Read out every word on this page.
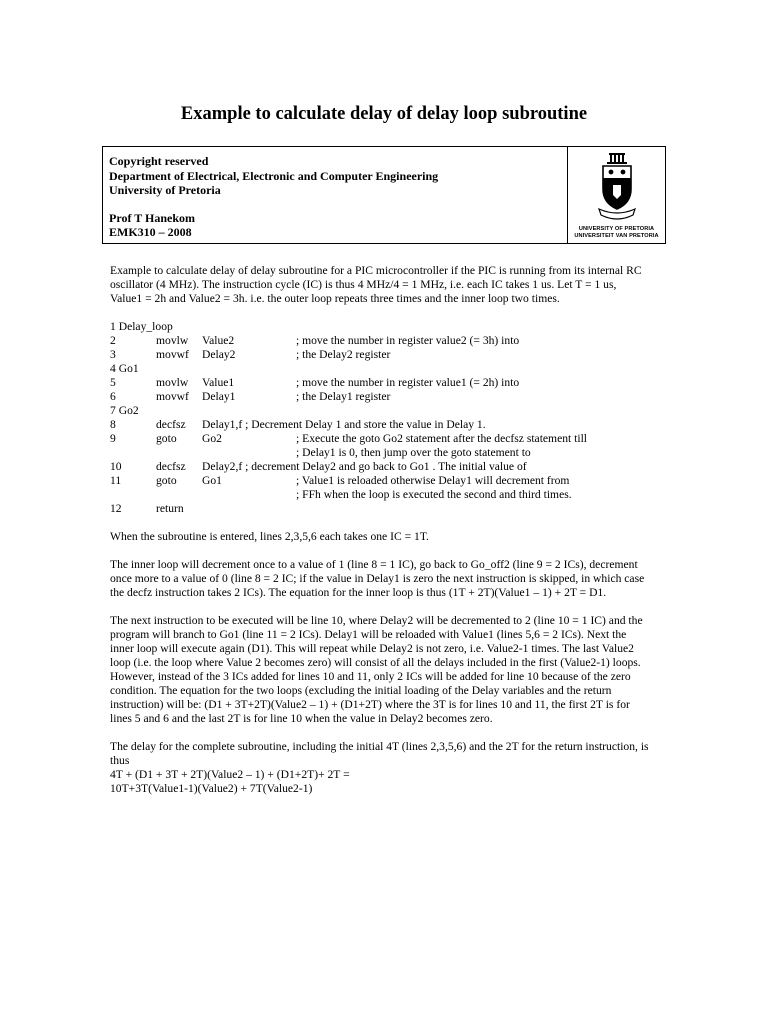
Example to calculate delay of delay loop subroutine
Copyright reserved
Department of Electrical, Electronic and Computer Engineering
University of Pretoria
Prof T Hanekom
EMK310 – 2008	UNIVERSITY OF PRETORIA
UNIVERSITEIT VAN PRETORIA

Example to calculate delay of delay subroutine for a PIC microcontroller if the PIC is running from its internal RC oscillator (4 MHz). The instruction cycle (IC) is thus 4 MHz/4 = 1 MHz, i.e. each IC takes 1 us. Let T = 1 us, Value1 = 2h and Value2 = 3h. i.e. the outer loop repeats three times and the inner loop two times.

1 Delay_loop
2	movlw Value2	; move the number in register value2 (= 3h) into
3	movwf Delay2	; the Delay2 register
4 Go1
5	movlw Value1	; move the number in register value1 (= 2h) into
6	movwf Delay1	; the Delay1 register
7 Go2
8	decfsz Delay1,f ; Decrement Delay 1 and store the value in Delay 1.
9	goto Go2	; Execute the goto Go2 statement after the decfsz statement till
; Delay1 is 0, then jump over the goto statement to
10	decfsz Delay2,f ; decrement Delay2 and go back to Go1 . The initial value of
11	goto Go1	; Value1 is reloaded otherwise Delay1 will decrement from
; FFh when the loop is executed the second and third times.
12	return

When the subroutine is entered, lines 2,3,5,6 each takes one IC = 1T.

The inner loop will decrement once to a value of 1 (line 8 = 1 IC), go back to Go_off2 (line 9 = 2 ICs), decrement once more to a value of 0 (line 8 = 2 IC; if the value in Delay1 is zero the next instruction is skipped, in which case the decfz instruction takes 2 ICs). The equation for the inner loop is thus (1T + 2T)(Value1 – 1) + 2T = D1.

The next instruction to be executed will be line 10, where Delay2 will be decremented to 2 (line 10 = 1 IC) and the program will branch to Go1 (line 11 = 2 ICs). Delay1 will be reloaded with Value1 (lines 5,6 = 2 ICs). Next the inner loop will execute again (D1). This will repeat while Delay2 is not zero, i.e. Value2-1 times. The last Value2 loop (i.e. the loop where Value 2 becomes zero) will consist of all the delays included in the first (Value2-1) loops. However, instead of the 3 ICs added for lines 10 and 11, only 2 ICs will be added for line 10 because of the zero condition. The equation for the two loops (excluding the initial loading of the Delay variables and the return instruction) will be: (D1 + 3T+2T)(Value2 – 1) + (D1+2T) where the 3T is for lines 10 and 11, the first 2T is for lines 5 and 6 and the last 2T is for line 10 when the value in Delay2 becomes zero.

The delay for the complete subroutine, including the initial 4T (lines 2,3,5,6) and the 2T for the return instruction, is thus

4T + (D1 + 3T + 2T)(Value2 – 1) + (D1+2T)+ 2T =

10T+3T(Value1-1)(Value2) + 7T(Value2-1)
